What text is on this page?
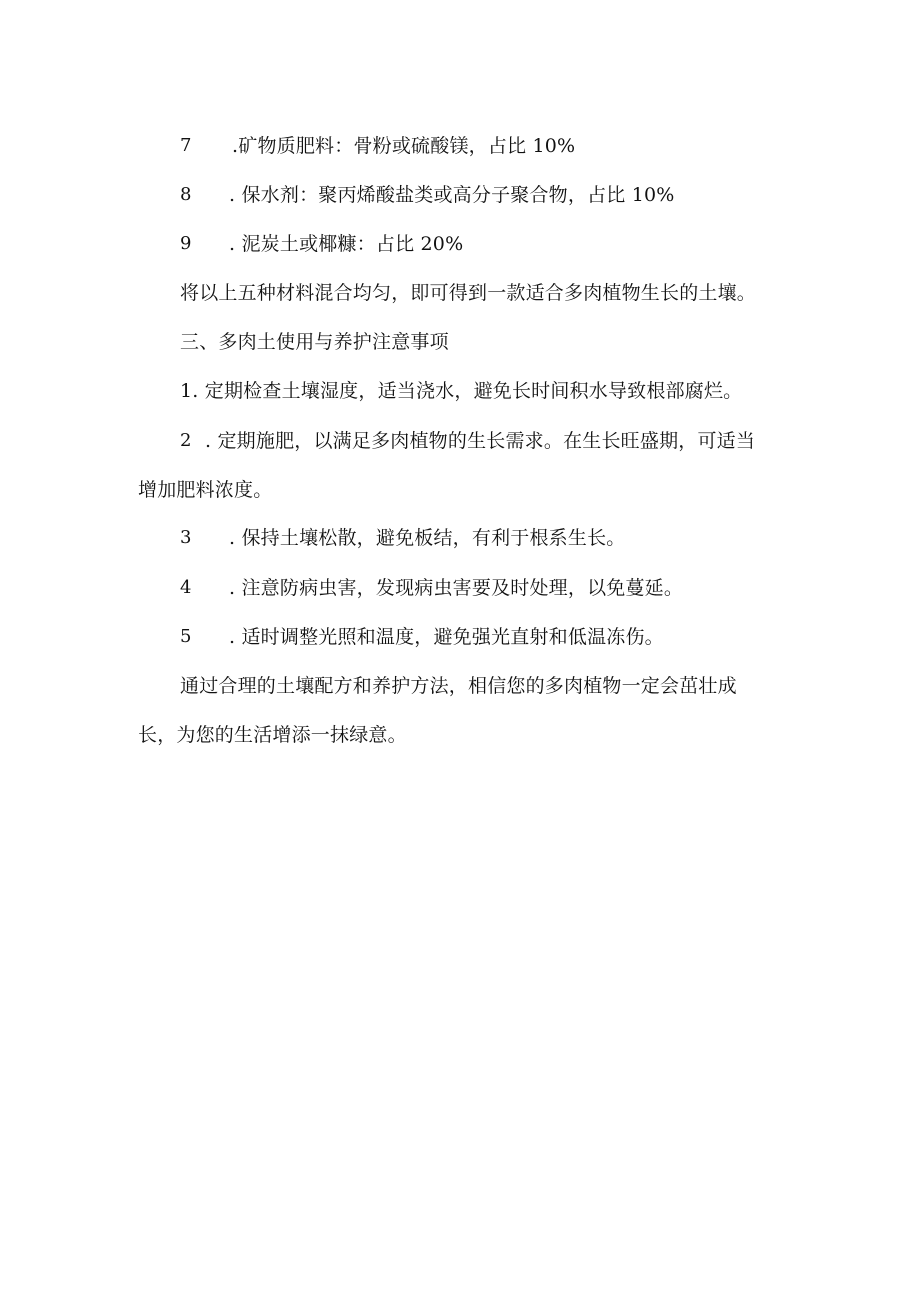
7 .矿物质肥料：骨粉或硫酸镁，占比 10%
8 . 保水剂：聚丙烯酸盐类或高分子聚合物，占比 10%
9 . 泥炭土或椰糠：占比 20%
将以上五种材料混合均匀，即可得到一款适合多肉植物生长的土壤。
三、多肉土使用与养护注意事项
1. 定期检查土壤湿度，适当浇水，避免长时间积水导致根部腐烂。
2 . 定期施肥，以满足多肉植物的生长需求。在生长旺盛期，可适当
增加肥料浓度。
3 . 保持土壤松散，避免板结，有利于根系生长。
4 . 注意防病虫害，发现病虫害要及时处理，以免蔓延。
5 . 适时调整光照和温度，避免强光直射和低温冻伤。
通过合理的土壤配方和养护方法，相信您的多肉植物一定会茁壮成
长，为您的生活增添一抹绿意。
